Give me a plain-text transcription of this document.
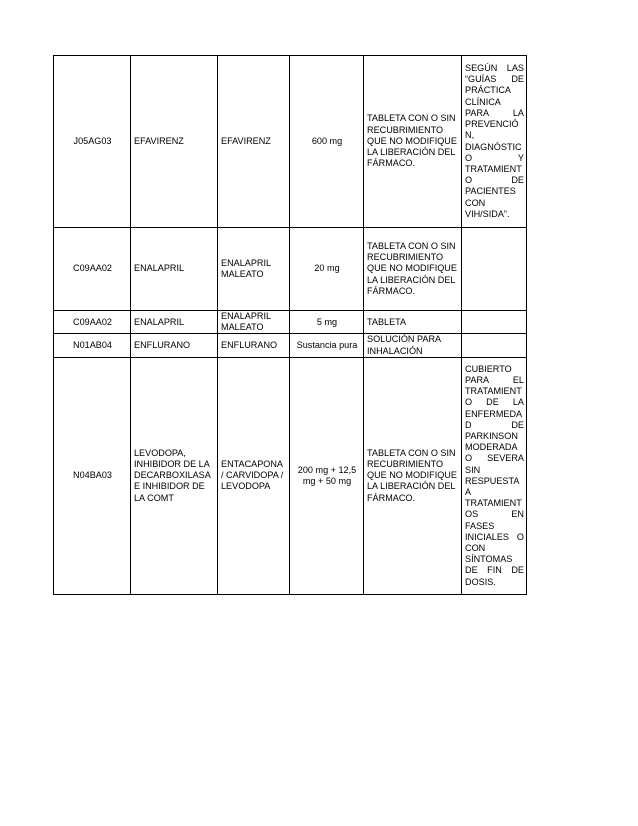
J05AG03	EFAVIRENZ	EFAVIRENZ	600 mg	TABLETA CON O SIN RECUBRIMIENTO QUE NO MODIFIQUE LA LIBERACIÓN DEL FÁRMACO.	SEGÚN LAS “GUÍAS DE PRÁCTICA CLÍNICA PARA LA PREVENCIÓN, DIAGNÓSTICO Y TRATAMIENTO DE PACIENTES CON VIH/SIDA”.
C09AA02	ENALAPRIL	ENALAPRIL MALEATO	20 mg	TABLETA CON O SIN RECUBRIMIENTO QUE NO MODIFIQUE LA LIBERACIÓN DEL FÁRMACO.	
C09AA02	ENALAPRIL	ENALAPRIL MALEATO	5 mg	TABLETA	
N01AB04	ENFLURANO	ENFLURANO	Sustancia pura	SOLUCIÓN PARA INHALACIÓN	
N04BA03	LEVODOPA, INHIBIDOR DE LA DECARBOXILASA E INHIBIDOR DE LA COMT	ENTACAPONA / CARVIDOPA / LEVODOPA	200 mg + 12,5 mg + 50 mg	TABLETA CON O SIN RECUBRIMIENTO QUE NO MODIFIQUE LA LIBERACIÓN DEL FÁRMACO.	CUBIERTO PARA EL TRATAMIENTO DE LA ENFERMEDAD DE PARKINSON MODERADA O SEVERA SIN RESPUESTA A TRATAMIENTOS EN FASES INICIALES O CON SÍNTOMAS DE FIN DE DOSIS.
